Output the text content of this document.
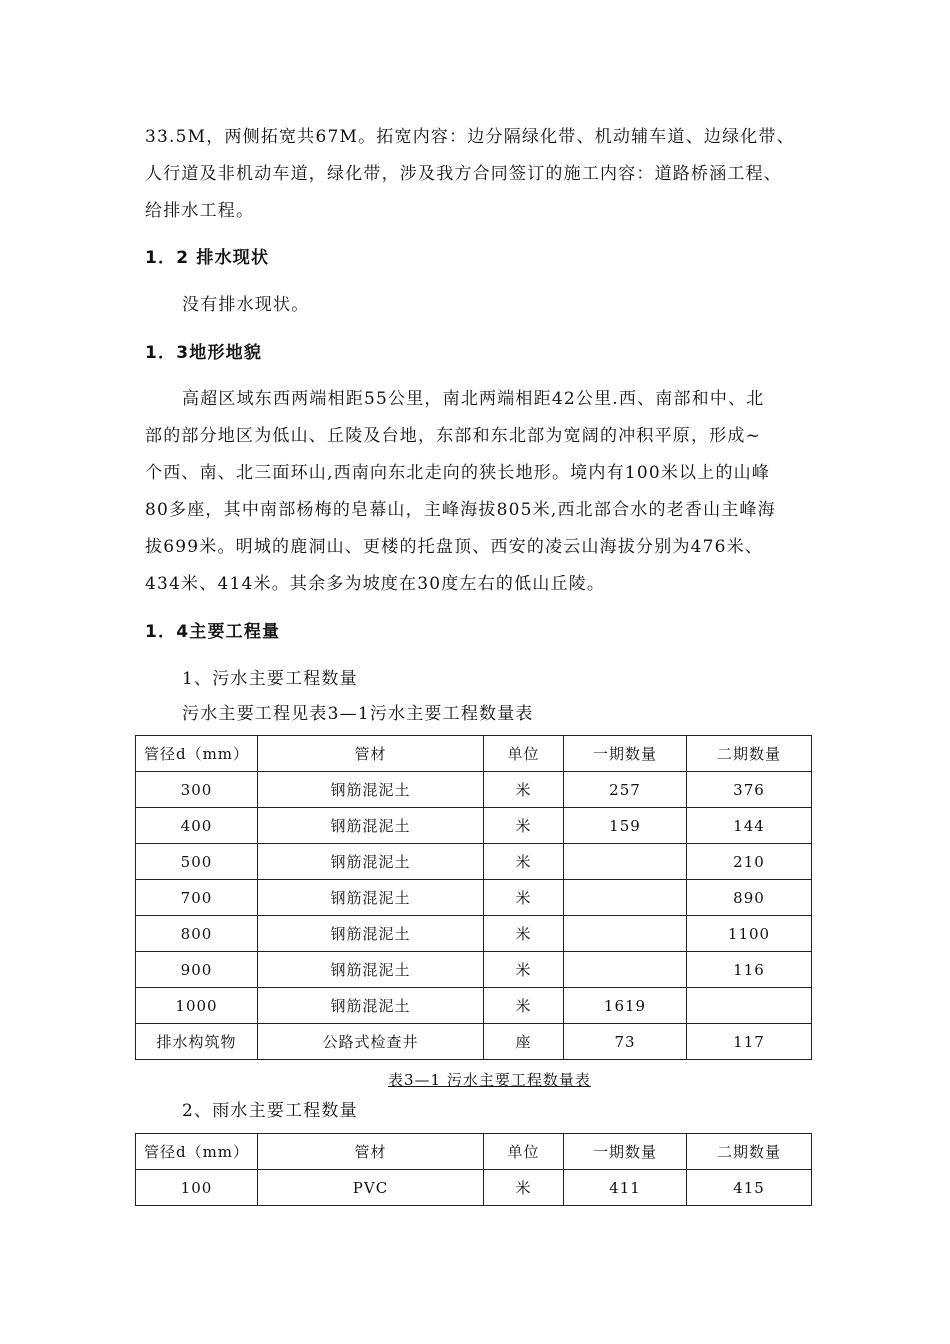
33.5M，两侧拓宽共67M。拓宽内容：边分隔绿化带、机动辅车道、边绿化带、
人行道及非机动车道，绿化带，涉及我方合同签订的施工内容：道路桥涵工程、
给排水工程。
1．2 排水现状
没有排水现状。
1．3地形地貌
高超区域东西两端相距55公里，南北两端相距42公里.西、南部和中、北
部的部分地区为低山、丘陵及台地，东部和东北部为宽阔的冲积平原，形成~
个西、南、北三面环山,西南向东北走向的狭长地形。境内有100米以上的山峰
80多座，其中南部杨梅的皂幕山，主峰海拔805米,西北部合水的老香山主峰海
拔699米。明城的鹿洞山、更楼的托盘顶、西安的凌云山海拔分别为476米、
434米、414米。其余多为坡度在30度左右的低山丘陵。
1．4主要工程量
1、污水主要工程数量
污水主要工程见表3—1污水主要工程数量表
管径d（mm）	管材	单位	一期数量	二期数量
300	钢筋混泥土	米	257	376
400	钢筋混泥土	米	159	144
500	钢筋混泥土	米		210
700	钢筋混泥土	米		890
800	钢筋混泥土	米		1100
900	钢筋混泥土	米		116
1000	钢筋混泥土	米	1619	
排水构筑物	公路式检查井	座	73	117
表3—1 污水主要工程数量表
2、雨水主要工程数量
管径d（mm）	管材	单位	一期数量	二期数量
100	PVC	米	411	415
